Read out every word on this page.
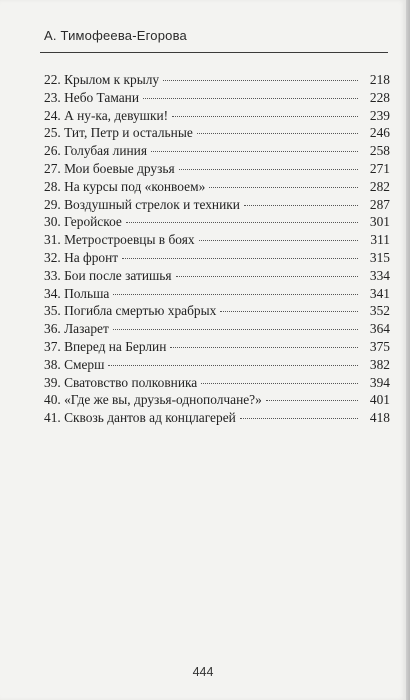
А. Тимофеева-Егорова
22. Крылом к крылу	218
23. Небо Тамани	228
24. А ну-ка, девушки!	239
25. Тит, Петр и остальные	246
26. Голубая линия	258
27. Мои боевые друзья	271
28. На курсы под «конвоем»	282
29. Воздушный стрелок и техники	287
30. Геройское	301
31. Метростроевцы в боях	311
32. На фронт	315
33. Бои после затишья	334
34. Польша	341
35. Погибла смертью храбрых	352
36. Лазарет	364
37. Вперед на Берлин	375
38. Смерш	382
39. Сватовство полковника	394
40. «Где же вы, друзья-однополчане?»	401
41. Сквозь дантов ад концлагерей	418
444
